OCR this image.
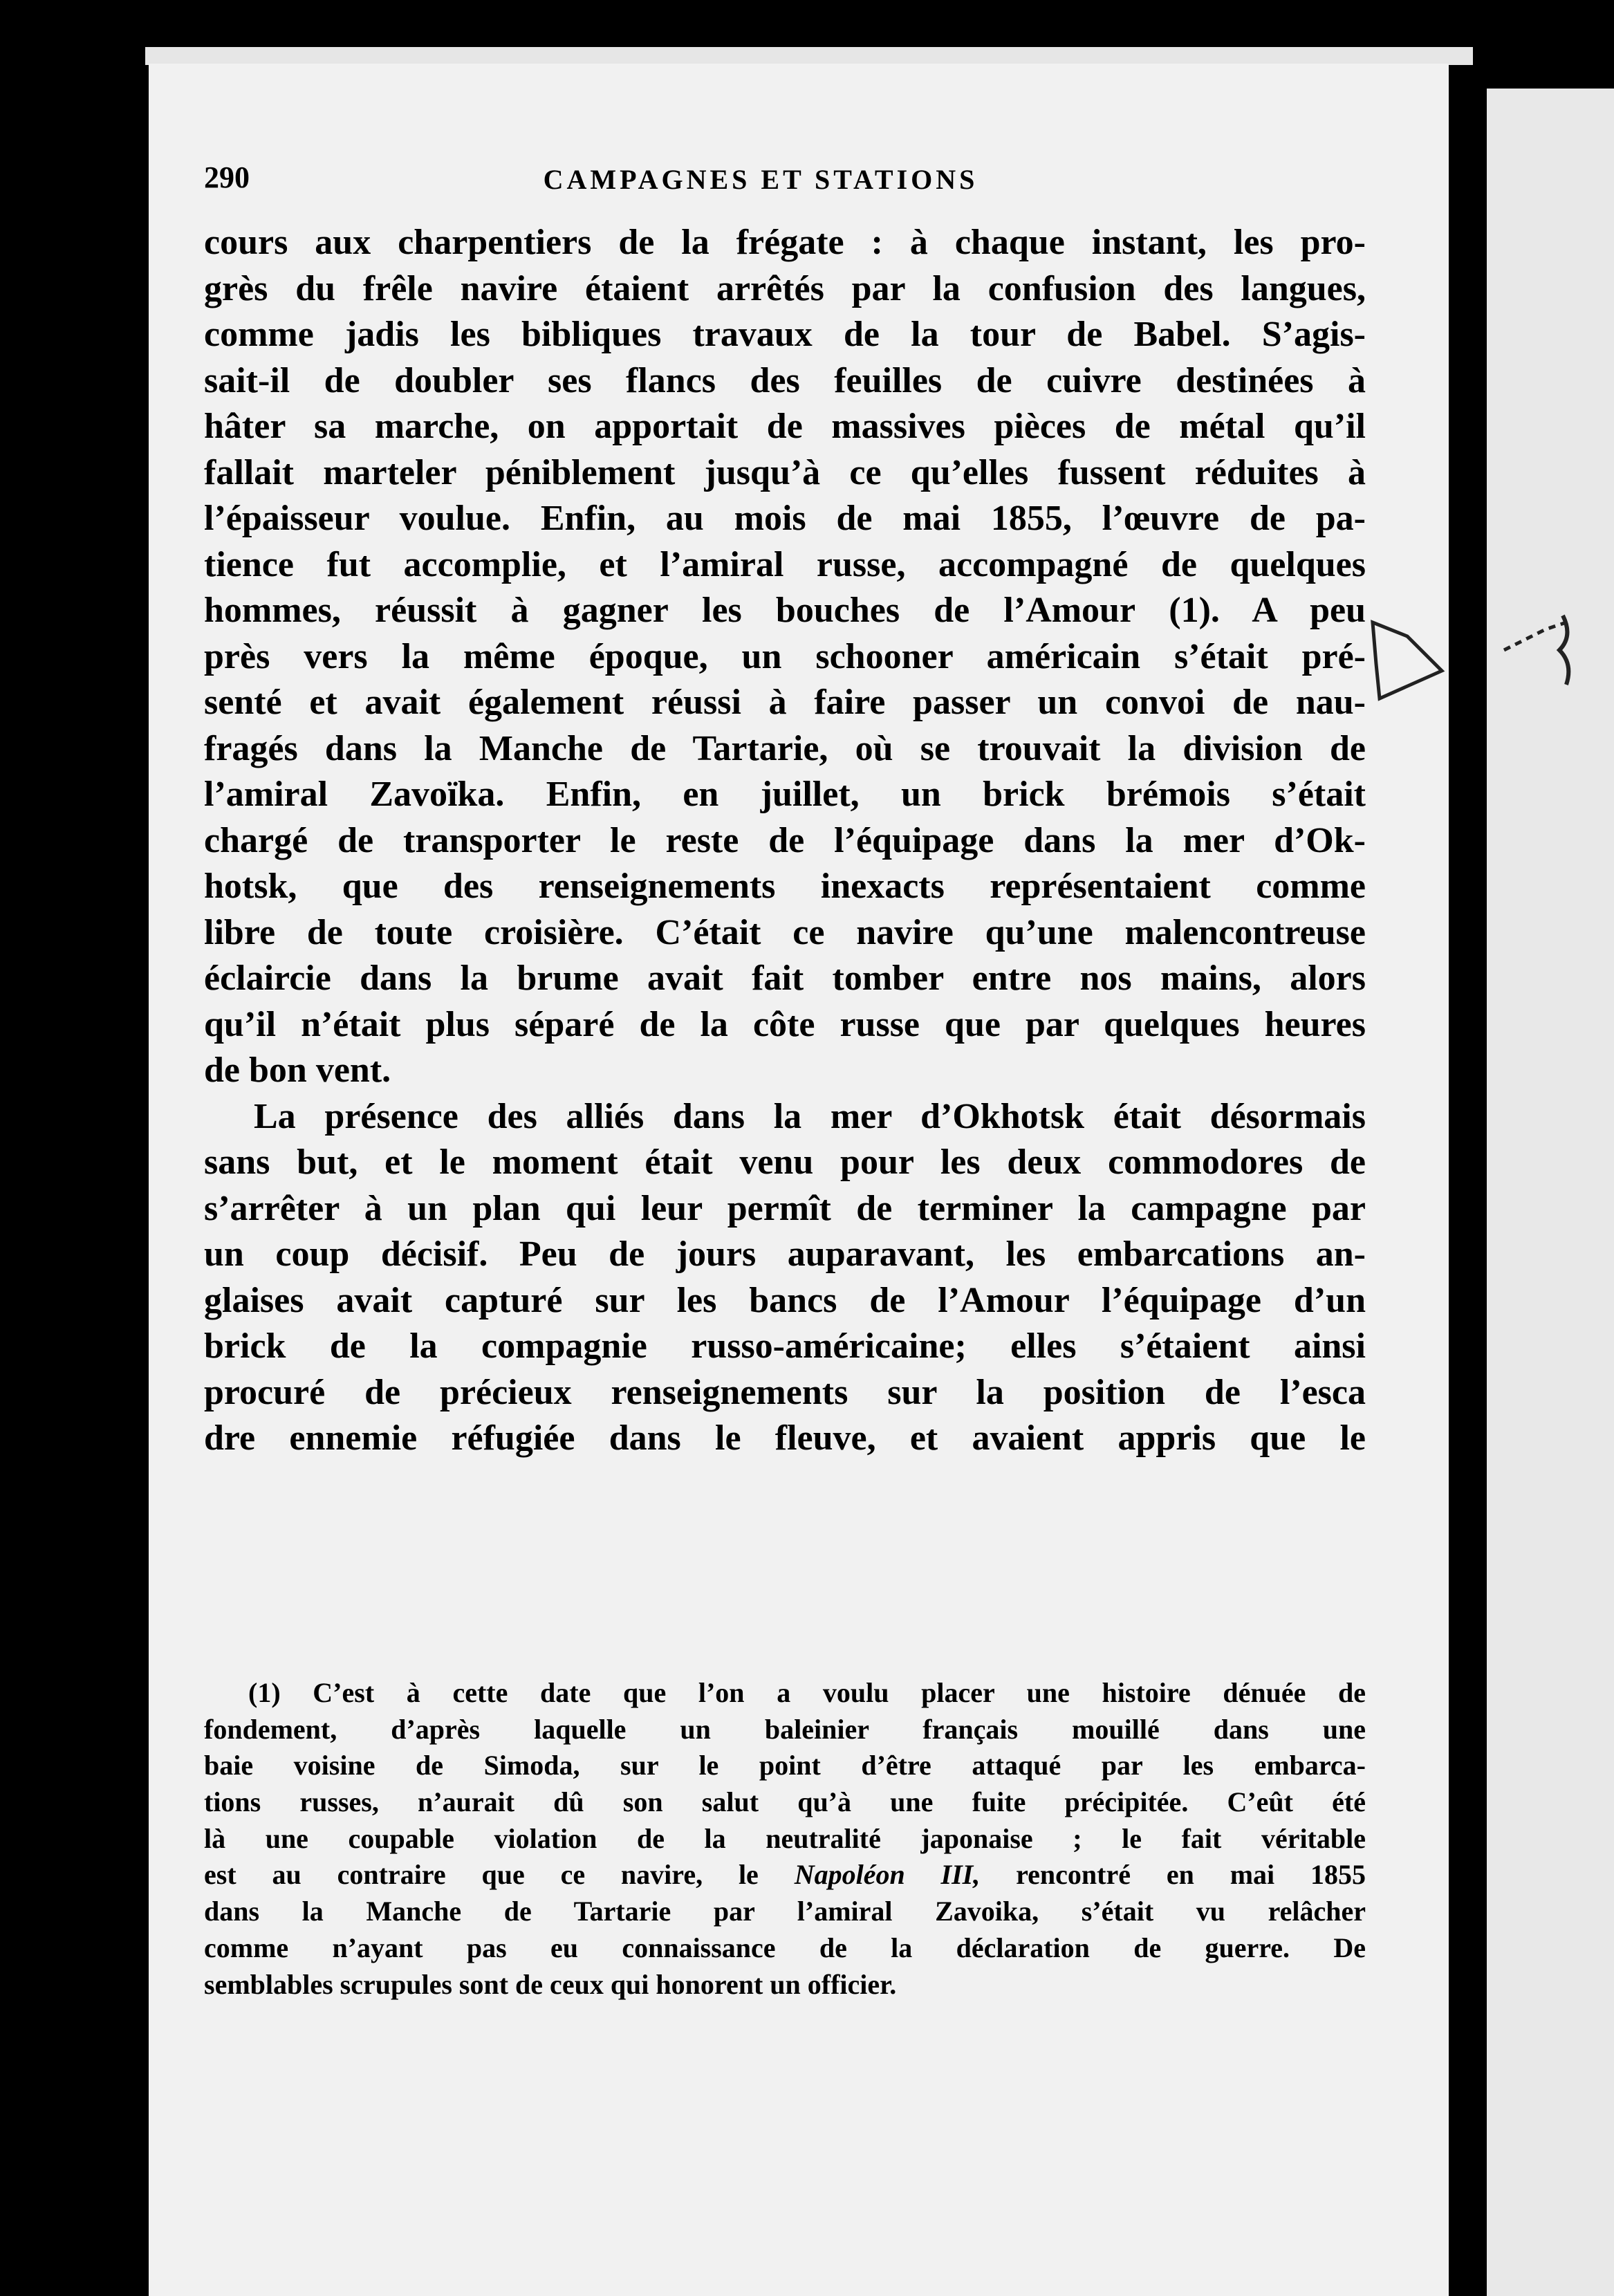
290	CAMPAGNES ET STATIONS
cours aux charpentiers de la frégate : à chaque instant, les pro-
grès du frêle navire étaient arrêtés par la confusion des langues,
comme jadis les bibliques travaux de la tour de Babel. S’agis-
sait-il de doubler ses flancs des feuilles de cuivre destinées à
hâter sa marche, on apportait de massives pièces de métal qu’il
fallait marteler péniblement jusqu’à ce qu’elles fussent réduites à
l’épaisseur voulue. Enfin, au mois de mai 1855, l’œuvre de pa-
tience fut accomplie, et l’amiral russe, accompagné de quelques
hommes, réussit à gagner les bouches de l’Amour (1). A peu
près vers la même époque, un schooner américain s’était pré-
senté et avait également réussi à faire passer un convoi de nau-
fragés dans la Manche de Tartarie, où se trouvait la division de
l’amiral Zavoïka. Enfin, en juillet, un brick brémois s’était
chargé de transporter le reste de l’équipage dans la mer d’Ok-
hotsk, que des renseignements inexacts représentaient comme
libre de toute croisière. C’était ce navire qu’une malencontreuse
éclaircie dans la brume avait fait tomber entre nos mains, alors
qu’il n’était plus séparé de la côte russe que par quelques heures
de bon vent.
La présence des alliés dans la mer d’Okhotsk était désormais
sans but, et le moment était venu pour les deux commodores de
s’arrêter à un plan qui leur permît de terminer la campagne par
un coup décisif. Peu de jours auparavant, les embarcations an-
glaises avait capturé sur les bancs de l’Amour l’équipage d’un
brick de la compagnie russo-américaine; elles s’étaient ainsi
procuré de précieux renseignements sur la position de l’esca
dre ennemie réfugiée dans le fleuve, et avaient appris que le
(1) C’est à cette date que l’on a voulu placer une histoire dénuée de
fondement, d’après laquelle un baleinier français mouillé dans une
baie voisine de Simoda, sur le point d’être attaqué par les embarca-
tions russes, n’aurait dû son salut qu’à une fuite précipitée. C’eût été
là une coupable violation de la neutralité japonaise ; le fait véritable
est au contraire que ce navire, le Napoléon III, rencontré en mai 1855
dans la Manche de Tartarie par l’amiral Zavoika, s’était vu relâcher
comme n’ayant pas eu connaissance de la déclaration de guerre. De
semblables scrupules sont de ceux qui honorent un officier.
